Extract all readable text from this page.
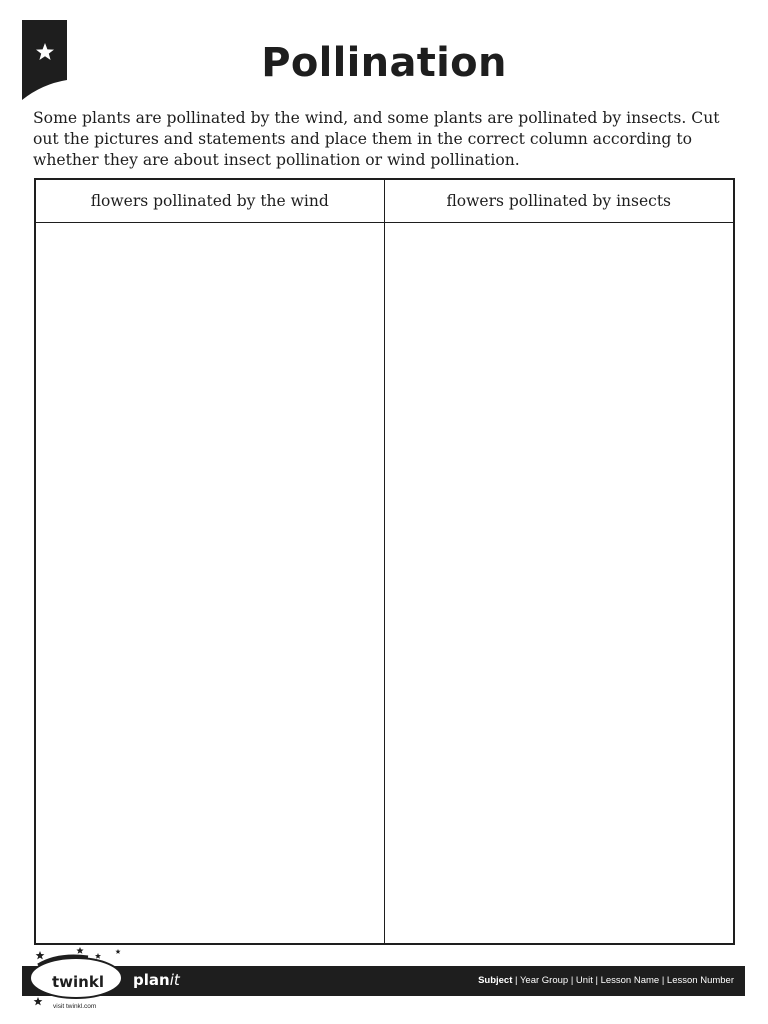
Pollination
Some plants are pollinated by the wind, and some plants are pollinated by insects. Cut out the pictures and statements and place them in the correct column according to whether they are about insect pollination or wind pollination.
flowers pollinated by the wind	flowers pollinated by insects
twinkl
visit twinkl.com
planit	Subject | Year Group | Unit | Lesson Name | Lesson Number
